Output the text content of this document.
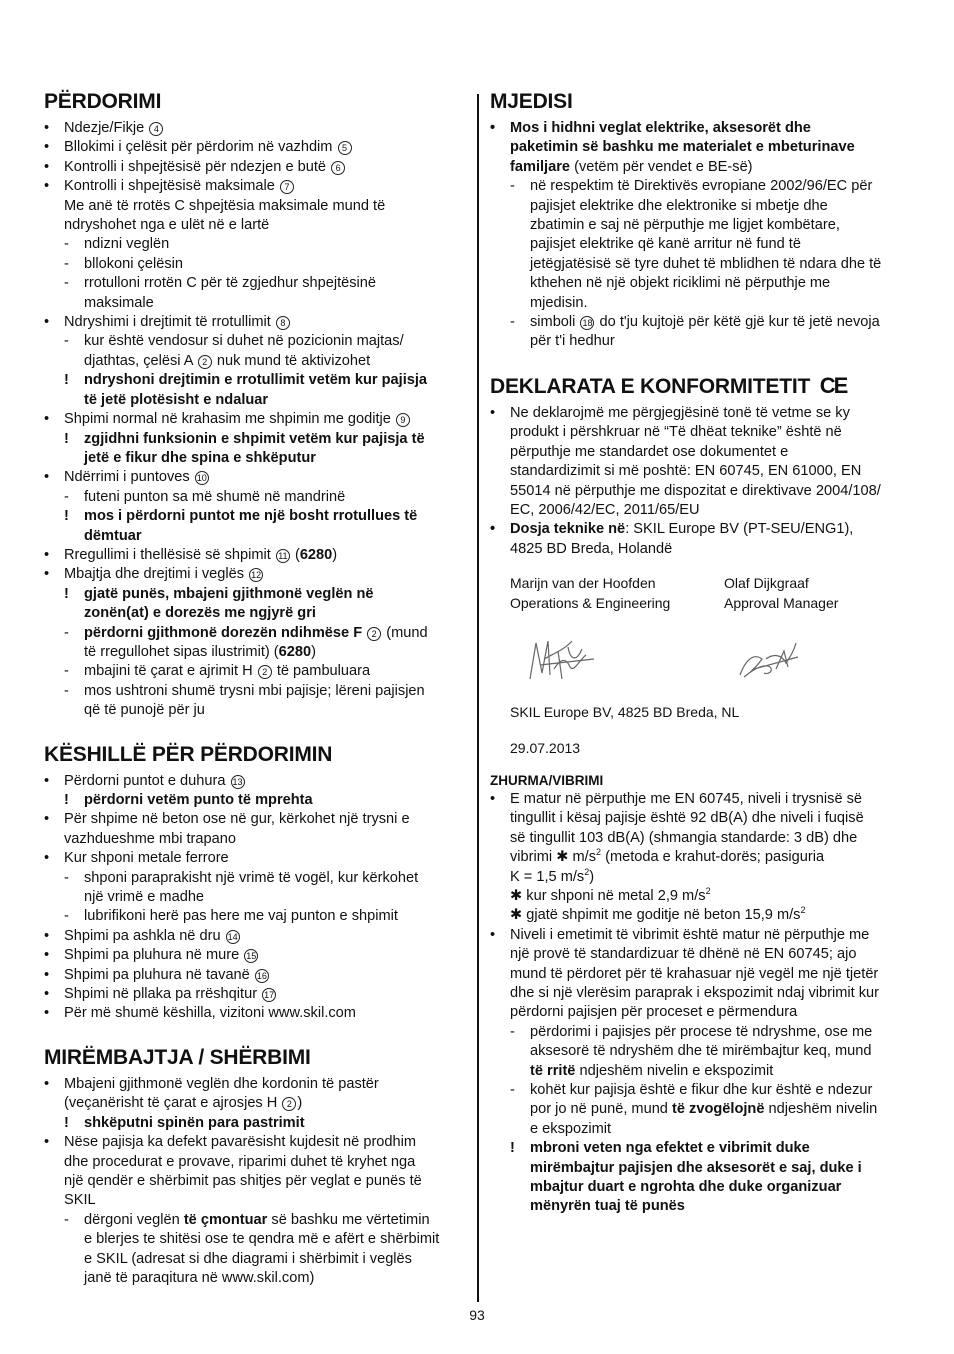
PËRDORIMI
•	Ndezje/Fikje 4
•	Bllokimi i çelësit për përdorim në vazhdim 5
•	Kontrolli i shpejtësisë për ndezjen e butë 6
•	Kontrolli i shpejtësisë maksimale 7
Me anë të rrotës C shpejtësia maksimale mund të
ndryshohet nga e ulët në e lartë
-	ndizni veglën
-	bllokoni çelësin
-	rrotulloni rrotën C për të zgjedhur shpejtësinë
maksimale
•	Ndryshimi i drejtimit të rrotullimit 8
-	kur është vendosur si duhet në pozicionin majtas/
djathtas, çelësi A 2 nuk mund të aktivizohet
!	ndryshoni drejtimin e rrotullimit vetëm kur pajisja
të jetë plotësisht e ndaluar
•	Shpimi normal në krahasim me shpimin me goditje 9
!	zgjidhni funksionin e shpimit vetëm kur pajisja të
jetë e fikur dhe spina e shkëputur
•	Ndërrimi i puntoves 10
-	futeni punton sa më shumë në mandrinë
!	mos i përdorni puntot me një bosht rrotullues të
dëmtuar
•	Rregullimi i thellësisë së shpimit 11 (6280)
•	Mbajtja dhe drejtimi i veglës 12
!	gjatë punës, mbajeni gjithmonë veglën në
zonën(at) e dorezës me ngjyrë gri
-	përdorni gjithmonë dorezën ndihmëse F 2 (mund
të rregullohet sipas ilustrimit) (6280)
-	mbajini të çarat e ajrimit H 2 të pambuluara
-	mos ushtroni shumë trysni mbi pajisje; lëreni pajisjen
që të punojë për ju
KËSHILLË PËR PËRDORIMIN
•	Përdorni puntot e duhura 13
!	përdorni vetëm punto të mprehta
•	Për shpime në beton ose në gur, kërkohet një trysni e
vazhdueshme mbi trapano
•	Kur shponi metale ferrore
-	shponi paraprakisht një vrimë të vogël, kur kërkohet
një vrimë e madhe
-	lubrifikoni herë pas here me vaj punton e shpimit
•	Shpimi pa ashkla në dru 14
•	Shpimi pa pluhura në mure 15
•	Shpimi pa pluhura në tavanë 16
•	Shpimi në pllaka pa rrëshqitur 17
•	Për më shumë këshilla, vizitoni www.skil.com
MIRËMBAJTJA / SHËRBIMI
•	Mbajeni gjithmonë veglën dhe kordonin të pastër
(veçanërisht të çarat e ajrosjes H 2 )
!	shkëputni spinën para pastrimit
•	Nëse pajisja ka defekt pavarësisht kujdesit në prodhim
dhe procedurat e provave, riparimi duhet të kryhet nga
një qendër e shërbimit pas shitjes për veglat e punës të
SKIL
-	dërgoni veglën të çmontuar së bashku me vërtetimin
e blerjes te shitësi ose te qendra më e afërt e shërbimit
e SKIL (adresat si dhe diagrami i shërbimit i veglës
janë të paraqitura në www.skil.com)
MJEDISI
•	Mos i hidhni veglat elektrike, aksesorët dhe
paketimin së bashku me materialet e mbeturinave
familjare (vetëm për vendet e BE-së)
-	në respektim të Direktivës evropiane 2002/96/EC për
pajisjet elektrike dhe elektronike si mbetje dhe
zbatimin e saj në përputhje me ligjet kombëtare,
pajisjet elektrike që kanë arritur në fund të
jetëgjatësisë së tyre duhet të mblidhen të ndara dhe të
kthehen në një objekt riciklimi në përputhje me
mjedisin.
-	simboli 18 do t'ju kujtojë për këtë gjë kur të jetë nevoja
për t'i hedhur
DEKLARATA E KONFORMITETIT CE
•	Ne deklarojmë me përgjegjësinë tonë të vetme se ky
produkt i përshkruar në “Të dhëat teknike” është në
përputhje me standardet ose dokumentet e
standardizimit si më poshtë: EN 60745, EN 61000, EN
55014 në përputhje me dispozitat e direktivave 2004/108/
EC, 2006/42/EC, 2011/65/EU
•	Dosja teknike në: SKIL Europe BV (PT-SEU/ENG1),
4825 BD Breda, Holandë
Marijn van der Hoofden	Olaf Dijkgraaf
Operations & Engineering	Approval Manager
SKIL Europe BV, 4825 BD Breda, NL
29.07.2013
ZHURMA/VIBRIMI
•	E matur në përputhje me EN 60745, niveli i trysnisë së
tingullit i kësaj pajisje është 92 dB(A) dhe niveli i fuqisë
së tingullit 103 dB(A) (shmangia standarde: 3 dB) dhe
vibrimi ✱ $m/s^2$ (metoda e krahut-dorës; pasiguria
K = 1,5 $m/s^2$)
✱ kur shponi në metal 2,9 $m/s^2$
✱ gjatë shpimit me goditje në beton 15,9 $m/s^2$
•	Niveli i emetimit të vibrimit është matur në përputhje me
një provë të standardizuar të dhënë në EN 60745; ajo
mund të përdoret për të krahasuar një vegël me një tjetër
dhe si një vlerësim paraprak i ekspozimit ndaj vibrimit kur
përdorni pajisjen për proceset e përmendura
-	përdorimi i pajisjes për procese të ndryshme, ose me
aksesorë të ndryshëm dhe të mirëmbajtur keq, mund
të rritë ndjeshëm nivelin e ekspozimit
-	kohët kur pajisja është e fikur dhe kur është e ndezur
por jo në punë, mund të zvogëlojnë ndjeshëm nivelin
e ekspozimit
!	mbroni veten nga efektet e vibrimit duke
mirëmbajtur pajisjen dhe aksesorët e saj, duke i
mbajtur duart e ngrohta dhe duke organizuar
mënyrën tuaj të punës
93
